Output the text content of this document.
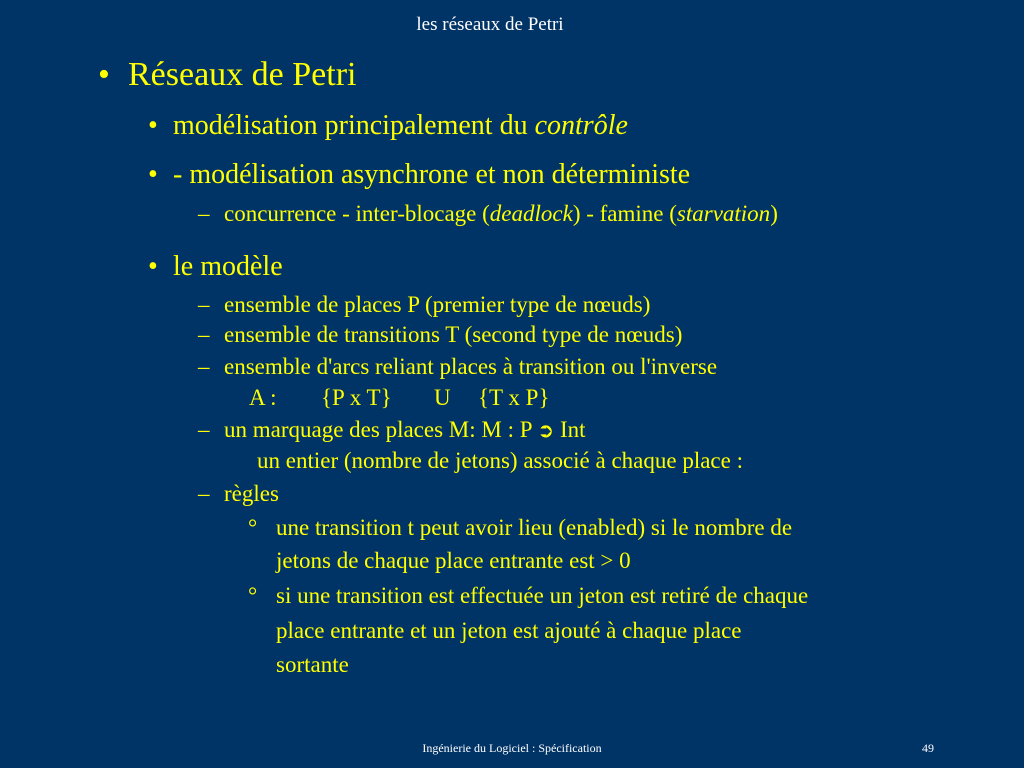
les réseaux de Petri
• Réseaux de Petri
• modélisation principalement du contrôle
• - modélisation asynchrone et non déterministe
– concurrence - inter-blocage (deadlock) - famine (starvation)
• le modèle
– ensemble de places P (premier type de nœuds)
– ensemble de transitions T (second type de nœuds)
– ensemble d'arcs reliant places à transition ou l'inverse
A : {P x T} U {T x P}
– un marquage des places M: M : P ➲ Int
un entier (nombre de jetons) associé à chaque place :
– règles
° une transition t peut avoir lieu (enabled) si le nombre de
jetons de chaque place entrante est > 0
° si une transition est effectuée un jeton est retiré de chaque
place entrante et un jeton est ajouté à chaque place
sortante
Ingénierie du Logiciel : Spécification	49
